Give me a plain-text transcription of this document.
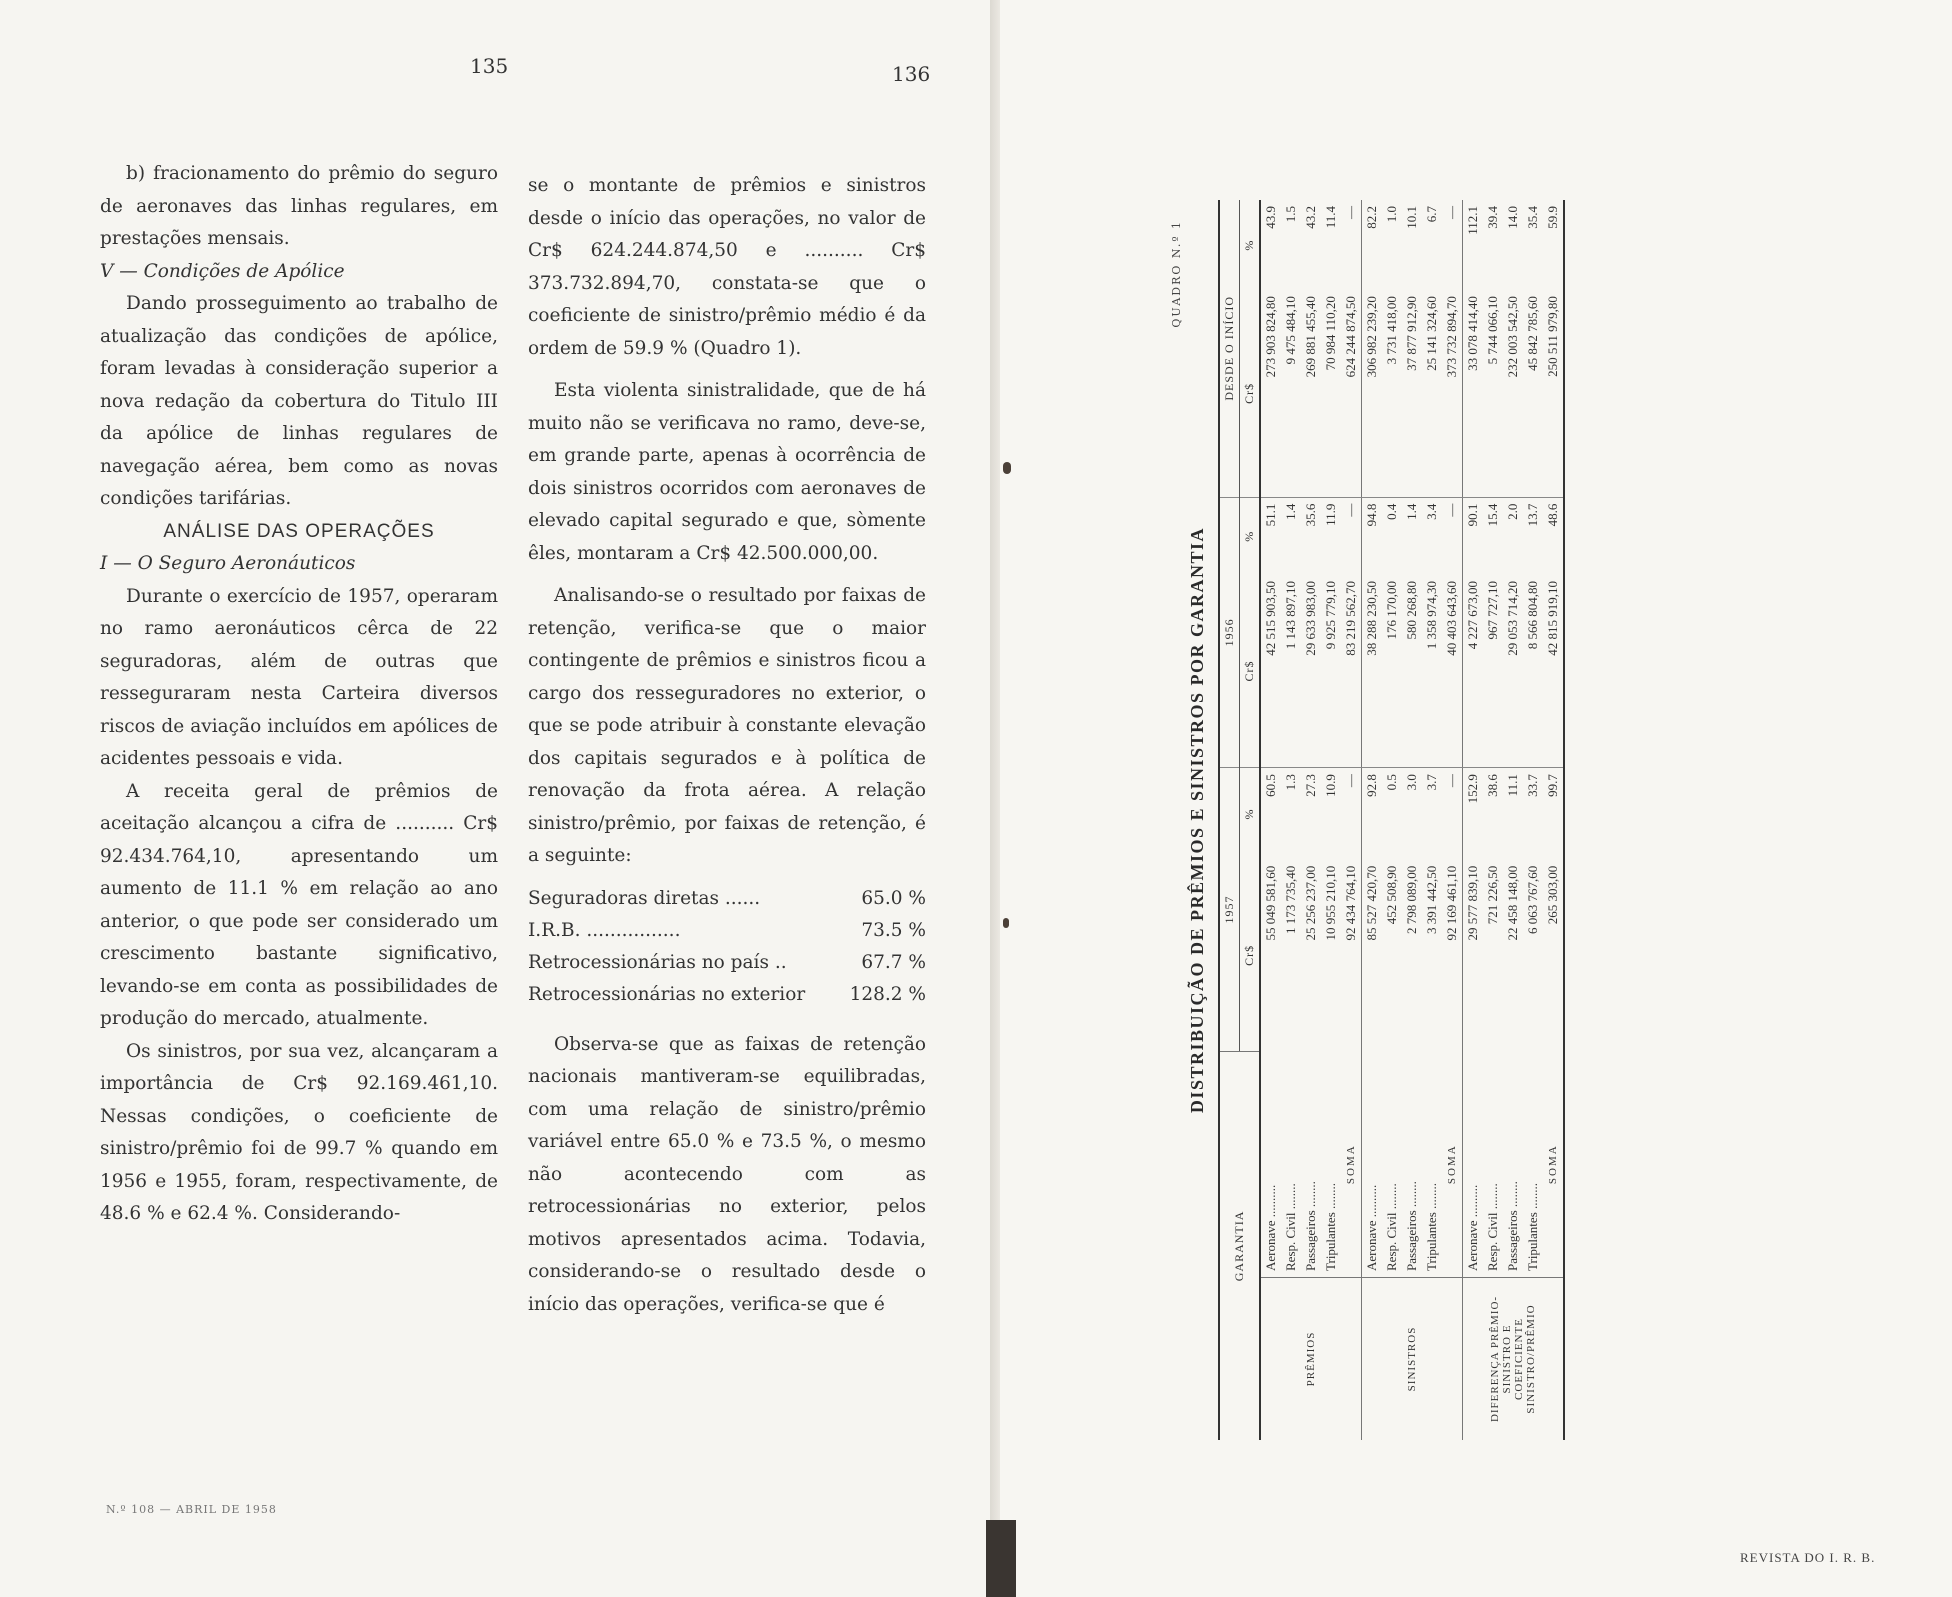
135	136

b) fracionamento do prêmio do seguro de aeronaves das linhas regulares, em prestações mensais.

V — Condições de Apólice

Dando prosseguimento ao trabalho de atualização das condições de apólice, foram levadas à consideração superior a nova redação da cobertura do Titulo III da apólice de linhas regulares de navegação aérea, bem como as novas condições tarifárias.

ANÁLISE DAS OPERAÇÕES

I — O Seguro Aeronáuticos

Durante o exercício de 1957, operaram no ramo aeronáuticos cêrca de 22 seguradoras, além de outras que resseguraram nesta Carteira diversos riscos de aviação incluídos em apólices de acidentes pessoais e vida.

A receita geral de prêmios de aceitação alcançou a cifra de .......... Cr$ 92.434.764,10, apresentando um aumento de 11.1 % em relação ao ano anterior, o que pode ser considerado um crescimento bastante significativo, levando-se em conta as possibilidades de produção do mercado, atualmente.

Os sinistros, por sua vez, alcançaram a importância de Cr$ 92.169.461,10. Nessas condições, o coeficiente de sinistro/prêmio foi de 99.7 % quando em 1956 e 1955, foram, respectivamente, de 48.6 % e 62.4 %. Considerando-

se o montante de prêmios e sinistros desde o início das operações, no valor de Cr$ 624.244.874,50 e .......... Cr$ 373.732.894,70, constata-se que o coeficiente de sinistro/prêmio médio é da ordem de 59.9 % (Quadro 1).

Esta violenta sinistralidade, que de há muito não se verificava no ramo, deve-se, em grande parte, apenas à ocorrência de dois sinistros ocorridos com aeronaves de elevado capital segurado e que, sòmente êles, montaram a Cr$ 42.500.000,00.

Analisando-se o resultado por faixas de retenção, verifica-se que o maior contingente de prêmios e sinistros ficou a cargo dos resseguradores no exterior, o que se pode atribuir à constante elevação dos capitais segurados e à política de renovação da frota aérea. A relação sinistro/prêmio, por faixas de retenção, é a seguinte:

Seguradoras diretas ......	65.0 %
I.R.B. ................	73.5 %
Retrocessionárias no país ..	67.7 %
Retrocessionárias no exterior	128.2 %

Observa-se que as faixas de retenção nacionais mantiveram-se equilibradas, com uma relação de sinistro/prêmio variável entre 65.0 % e 73.5 %, o mesmo não acontecendo com as retrocessionárias no exterior, pelos motivos apresentados acima. Todavia, considerando-se o resultado desde o início das operações, verifica-se que é

N.º 108 — ABRIL DE 1958
QUADRO N.º 1
DISTRIBUIÇÃO DE PRÊMIOS E SINISTROS POR GARANTIA
GARANTIA		1957		1956		DESDE O INÍCIO	
		Cr$	%	Cr$	%	Cr$	%
PRÊMIOS	Aeronave ..........	55 049 581,60	60.5	42 515 903,50	51.1	273 903 824,80	43.9
	Resp. Civil ........	1 173 735,40	1.3	1 143 897,10	1.4	9 475 484,10	1.5
	Passageiros ........	25 256 237,00	27.3	29 633 983,00	35.6	269 881 455,40	43.2
	Tripulantes ........	10 955 210,10	10.9	9 925 779,10	11.9	70 984 110,20	11.4
	SOMA	92 434 764,10	—	83 219 562,70	—	624 244 874,50	—
SINISTROS	Aeronave ..........	85 527 420,70	92.8	38 288 230,50	94.8	306 982 239,20	82.2
	Resp. Civil ........	452 508,90	0.5	176 170,00	0.4	3 731 418,00	1.0
	Passageiros ........	2 798 089,00	3.0	580 268,80	1.4	37 877 912,90	10.1
	Tripulantes ........	3 391 442,50	3.7	1 358 974,30	3.4	25 141 324,60	6.7
	SOMA	92 169 461,10	—	40 403 643,60	—	373 732 894,70	—
DIFERENÇA PRÊMIO-SINISTRO E COEFICIENTE SINISTRO/PRÊMIO	Aeronave ..........	29 577 839,10	152.9	4 227 673,00	90.1	33 078 414,40	112.1
	Resp. Civil ........	721 226,50	38.6	967 727,10	15.4	5 744 066,10	39.4
	Passageiros ........	22 458 148,00	11.1	29 053 714,20	2.0	232 003 542,50	14.0
	Tripulantes ........	6 063 767,60	33.7	8 566 804,80	13.7	45 842 785,60	35.4
	SOMA	265 303,00	99.7	42 815 919,10	48.6	250 511 979,80	59.9
REVISTA DO I. R. B.
